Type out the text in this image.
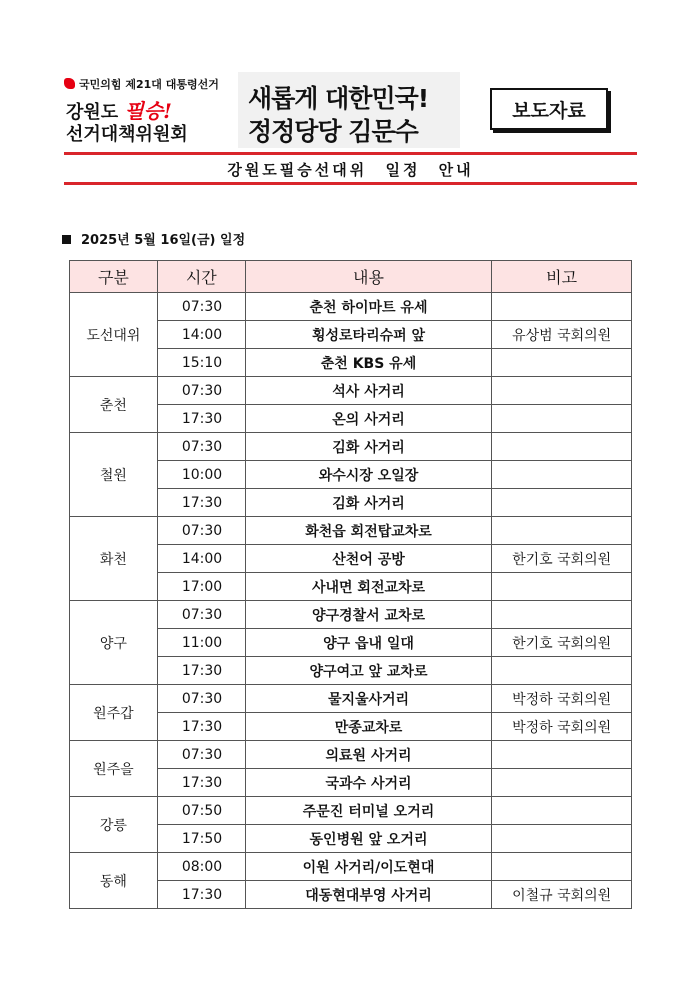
국민의힘 제21대 대통령선거
강원도 필승!
선거대책위원회
새롭게 대한민국!
정정당당 김문수
보도자료
강원도필승선대위 일정 안내
2025년 5월 16일(금) 일정
구분	시간	내용	비고
도선대위	07:30	춘천 하이마트 유세	
	14:00	횡성로타리슈퍼 앞	유상범 국회의원
	15:10	춘천 KBS 유세	
춘천	07:30	석사 사거리	
	17:30	온의 사거리	
철원	07:30	김화 사거리	
	10:00	와수시장 오일장	
	17:30	김화 사거리	
화천	07:30	화천읍 회전탑교차로	
	14:00	산천어 공방	한기호 국회의원
	17:00	사내면 회전교차로	
양구	07:30	양구경찰서 교차로	
	11:00	양구 읍내 일대	한기호 국회의원
	17:30	양구여고 앞 교차로	
원주갑	07:30	물지울사거리	박정하 국회의원
	17:30	만종교차로	박정하 국회의원
원주을	07:30	의료원 사거리	
	17:30	국과수 사거리	
강릉	07:50	주문진 터미널 오거리	
	17:50	동인병원 앞 오거리	
동해	08:00	이원 사거리/이도현대	
	17:30	대동현대부영 사거리	이철규 국회의원
